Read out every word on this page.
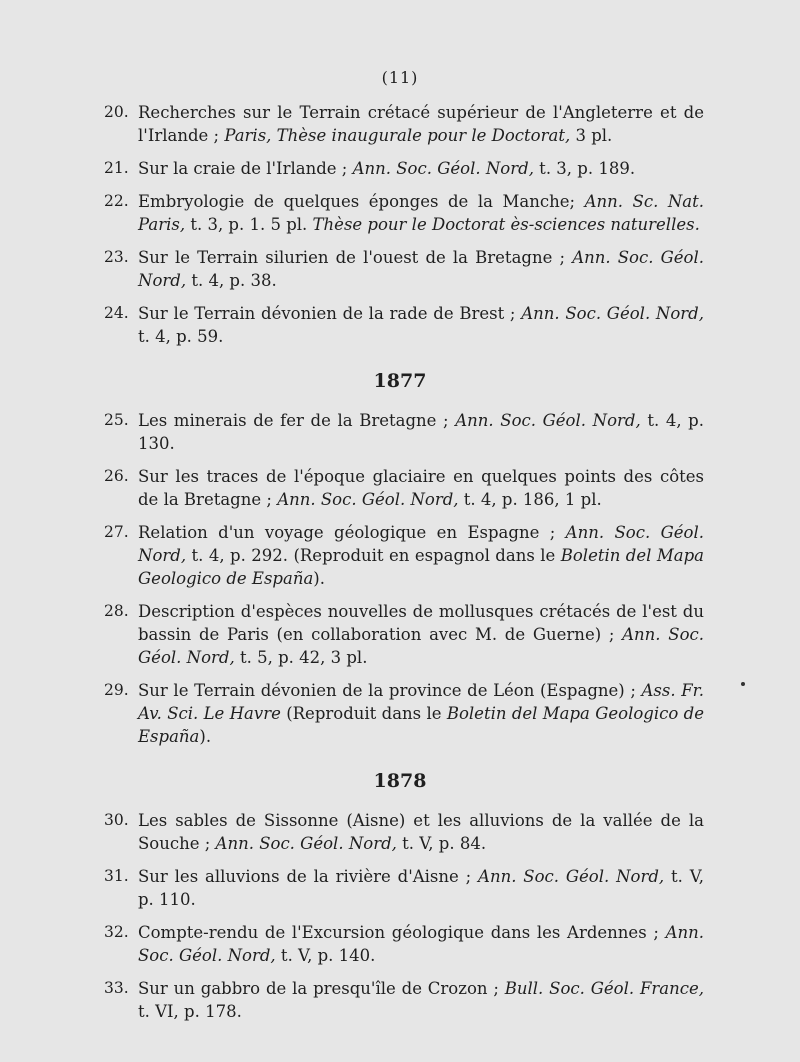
(11)
20. Recherches sur le Terrain crétacé supérieur de l'Angleterre et de l'Irlande ; Paris, Thèse inaugurale pour le Doctorat, 3 pl.
21. Sur la craie de l'Irlande ; Ann. Soc. Géol. Nord, t. 3, p. 189.
22. Embryologie de quelques éponges de la Manche; Ann. Sc. Nat. Paris, t. 3, p. 1. 5 pl. Thèse pour le Doctorat ès-sciences naturelles.
23. Sur le Terrain silurien de l'ouest de la Bretagne ; Ann. Soc. Géol. Nord, t. 4, p. 38.
24. Sur le Terrain dévonien de la rade de Brest ; Ann. Soc. Géol. Nord, t. 4, p. 59.
1877
25. Les minerais de fer de la Bretagne ; Ann. Soc. Géol. Nord, t. 4, p. 130.
26. Sur les traces de l'époque glaciaire en quelques points des côtes de la Bretagne ; Ann. Soc. Géol. Nord, t. 4, p. 186, 1 pl.
27. Relation d'un voyage géologique en Espagne ; Ann. Soc. Géol. Nord, t. 4, p. 292. (Reproduit en espagnol dans le Boletin del Mapa Geologico de España).
28. Description d'espèces nouvelles de mollusques crétacés de l'est du bassin de Paris (en collaboration avec M. de Guerne) ; Ann. Soc. Géol. Nord, t. 5, p. 42, 3 pl.
29. Sur le Terrain dévonien de la province de Léon (Espagne) ; Ass. Fr. Av. Sci. Le Havre (Reproduit dans le Boletin del Mapa Geologico de España).
1878
30. Les sables de Sissonne (Aisne) et les alluvions de la vallée de la Souche ; Ann. Soc. Géol. Nord, t. V, p. 84.
31. Sur les alluvions de la rivière d'Aisne ; Ann. Soc. Géol. Nord, t. V, p. 110.
32. Compte-rendu de l'Excursion géologique dans les Ardennes ; Ann. Soc. Géol. Nord, t. V, p. 140.
33. Sur un gabbro de la presqu'île de Crozon ; Bull. Soc. Géol. France, t. VI, p. 178.
